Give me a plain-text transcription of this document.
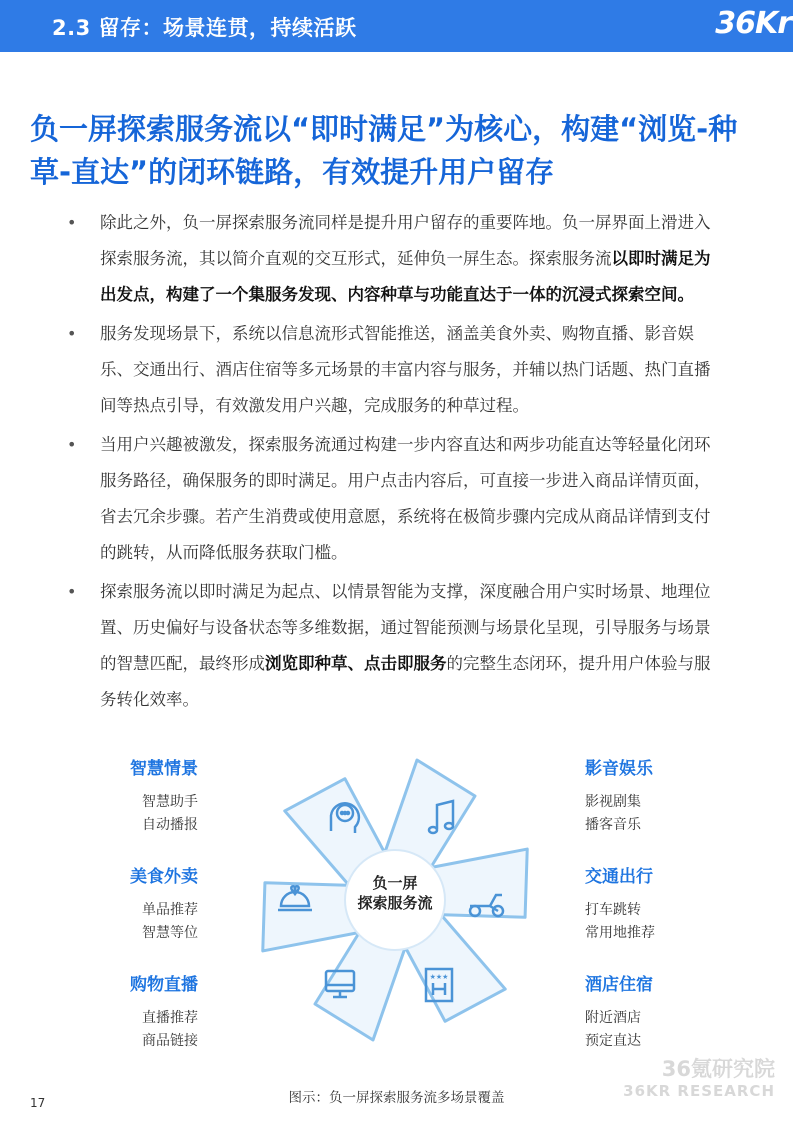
2.3 留存：场景连贯，持续活跃	36Kr
负一屏探索服务流以“即时满足”为核心，构建“浏览-种草-直达”的闭环链路，有效提升用户留存
• 除此之外，负一屏探索服务流同样是提升用户留存的重要阵地。负一屏界面上滑进入探索服务流，其以简介直观的交互形式，延伸负一屏生态。探索服务流以即时满足为出发点，构建了一个集服务发现、内容种草与功能直达于一体的沉浸式探索空间。
• 服务发现场景下，系统以信息流形式智能推送，涵盖美食外卖、购物直播、影音娱乐、交通出行、酒店住宿等多元场景的丰富内容与服务，并辅以热门话题、热门直播间等热点引导，有效激发用户兴趣，完成服务的种草过程。
• 当用户兴趣被激发，探索服务流通过构建一步内容直达和两步功能直达等轻量化闭环服务路径，确保服务的即时满足。用户点击内容后，可直接一步进入商品详情页面，省去冗余步骤。若产生消费或使用意愿，系统将在极简步骤内完成从商品详情到支付的跳转，从而降低服务获取门槛。
• 探索服务流以即时满足为起点、以情景智能为支撑，深度融合用户实时场景、地理位置、历史偏好与设备状态等多维数据，通过智能预测与场景化呈现，引导服务与场景的智慧匹配，最终形成浏览即种草、点击即服务的完整生态闭环，提升用户体验与服务转化效率。
★★★
负一屏
探索服务流
智慧情景
智慧助手
自动播报
美食外卖
单品推荐
智慧等位
购物直播
直播推荐
商品链接
影音娱乐
影视剧集
播客音乐
交通出行
打车跳转
常用地推荐
酒店住宿
附近酒店
预定直达
图示：负一屏探索服务流多场景覆盖
17
36氪研究院
36KR RESEARCH
